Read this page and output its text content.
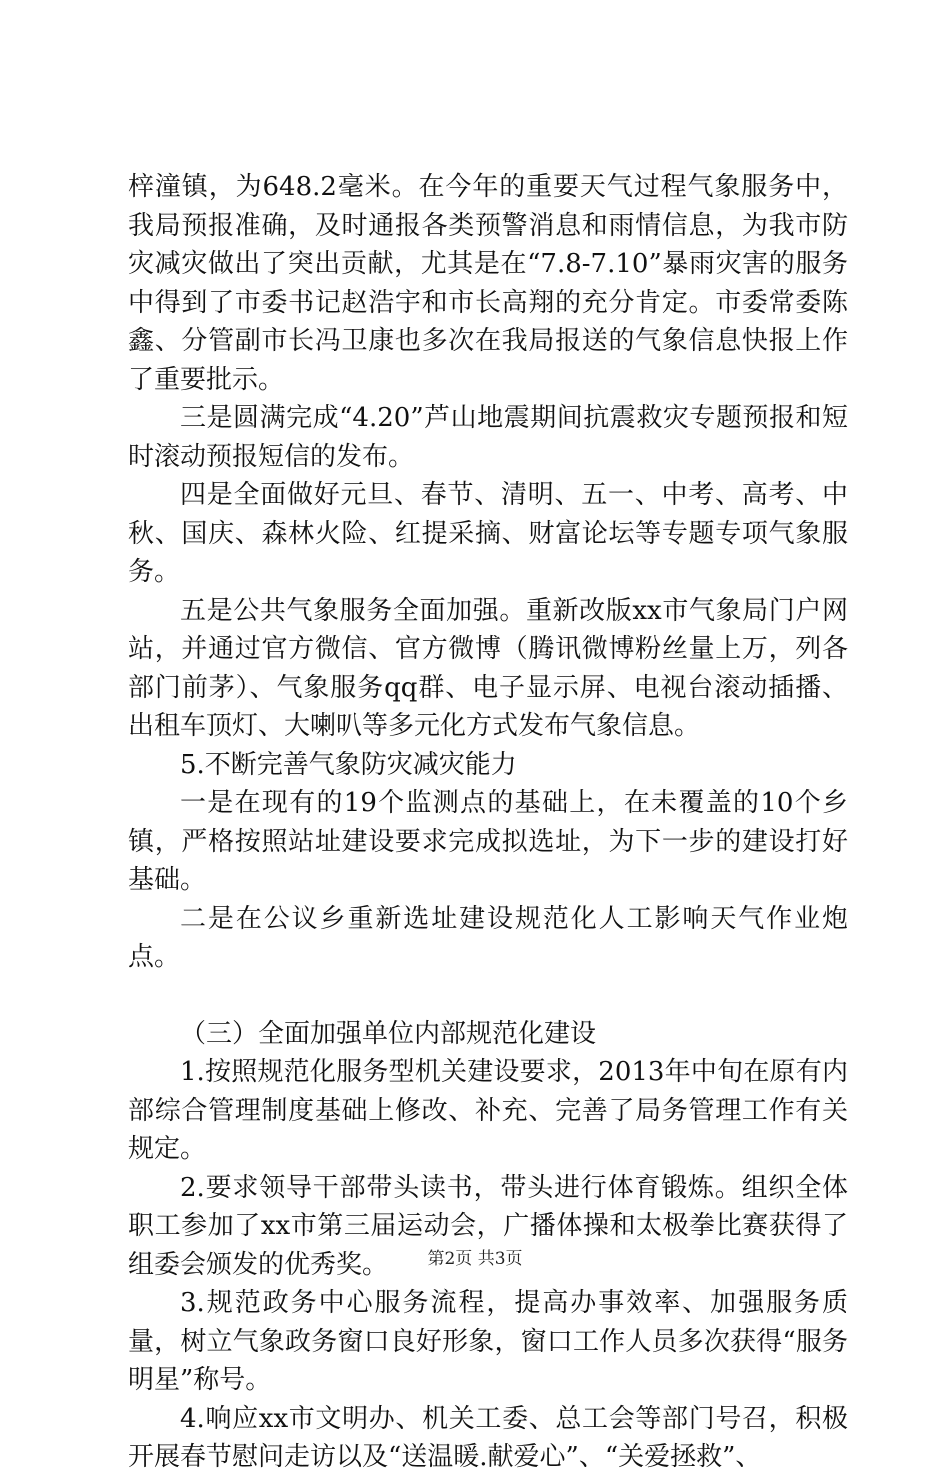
梓潼镇，为648.2毫米。在今年的重要天气过程气象服务中，我局预报准确，及时通报各类预警消息和雨情信息，为我市防灾减灾做出了突出贡献，尤其是在“7.8-7.10”暴雨灾害的服务中得到了市委书记赵浩宇和市长高翔的充分肯定。市委常委陈鑫、分管副市长冯卫康也多次在我局报送的气象信息快报上作了重要批示。

三是圆满完成“4.20”芦山地震期间抗震救灾专题预报和短时滚动预报短信的发布。

四是全面做好元旦、春节、清明、五一、中考、高考、中秋、国庆、森林火险、红提采摘、财富论坛等专题专项气象服务。

五是公共气象服务全面加强。重新改版xx市气象局门户网站，并通过官方微信、官方微博（腾讯微博粉丝量上万，列各部门前茅）、气象服务qq群、电子显示屏、电视台滚动插播、出租车顶灯、大喇叭等多元化方式发布气象信息。

5.不断完善气象防灾减灾能力

一是在现有的19个监测点的基础上，在未覆盖的10个乡镇，严格按照站址建设要求完成拟选址，为下一步的建设打好基础。

二是在公议乡重新选址建设规范化人工影响天气作业炮点。

（三）全面加强单位内部规范化建设

1.按照规范化服务型机关建设要求，2013年中旬在原有内部综合管理制度基础上修改、补充、完善了局务管理工作有关规定。

2.要求领导干部带头读书，带头进行体育锻炼。组织全体职工参加了xx市第三届运动会，广播体操和太极拳比赛获得了组委会颁发的优秀奖。

3.规范政务中心服务流程，提高办事效率、加强服务质量，树立气象政务窗口良好形象，窗口工作人员多次获得“服务明星”称号。

4.响应xx市文明办、机关工委、总工会等部门号召，积极开展春节慰问走访以及“送温暖.献爱心”、“关爱拯救”、

第2页 共3页
